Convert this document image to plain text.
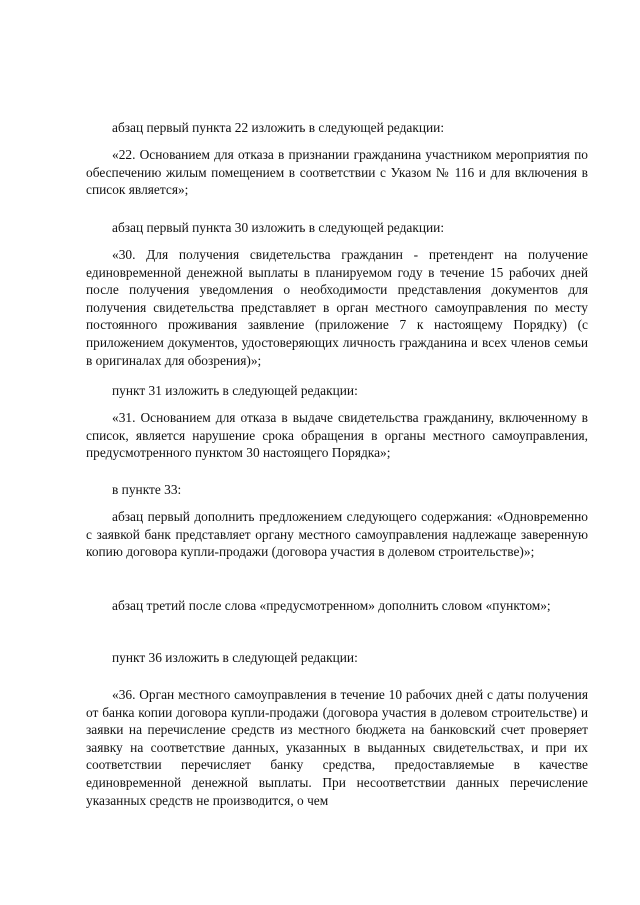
абзац первый пункта 22 изложить в следующей редакции:

«22. Основанием для отказа в признании гражданина участником мероприятия по обеспечению жилым помещением в соответствии с Указом № 116 и для включения в список является»;

абзац первый пункта 30 изложить в следующей редакции:

«30. Для получения свидетельства гражданин - претендент на получение единовременной денежной выплаты в планируемом году в течение 15 рабочих дней после получения уведомления о необходимости представления документов для получения свидетельства представляет в орган местного самоуправления по месту постоянного проживания заявление (приложение 7 к настоящему Порядку) (с приложением документов, удостоверяющих личность гражданина и всех членов семьи в оригиналах для обозрения)»;

пункт 31 изложить в следующей редакции:

«31. Основанием для отказа в выдаче свидетельства гражданину, включенному в список, является нарушение срока обращения в органы местного самоуправления, предусмотренного пунктом 30 настоящего Порядка»;

в пункте 33:

абзац первый дополнить предложением следующего содержания: «Одновременно с заявкой банк представляет органу местного самоуправления надлежаще заверенную копию договора купли-продажи (договора участия в долевом строительстве)»;

абзац третий после слова «предусмотренном» дополнить словом «пунктом»;

пункт 36 изложить в следующей редакции:

«36. Орган местного самоуправления в течение 10 рабочих дней с даты получения от банка копии договора купли-продажи (договора участия в долевом строительстве) и заявки на перечисление средств из местного бюджета на банковский счет проверяет заявку на соответствие данных, указанных в выданных свидетельствах, и при их соответствии перечисляет банку средства, предоставляемые в качестве единовременной денежной выплаты. При несоответствии данных перечисление указанных средств не производится, о чем
